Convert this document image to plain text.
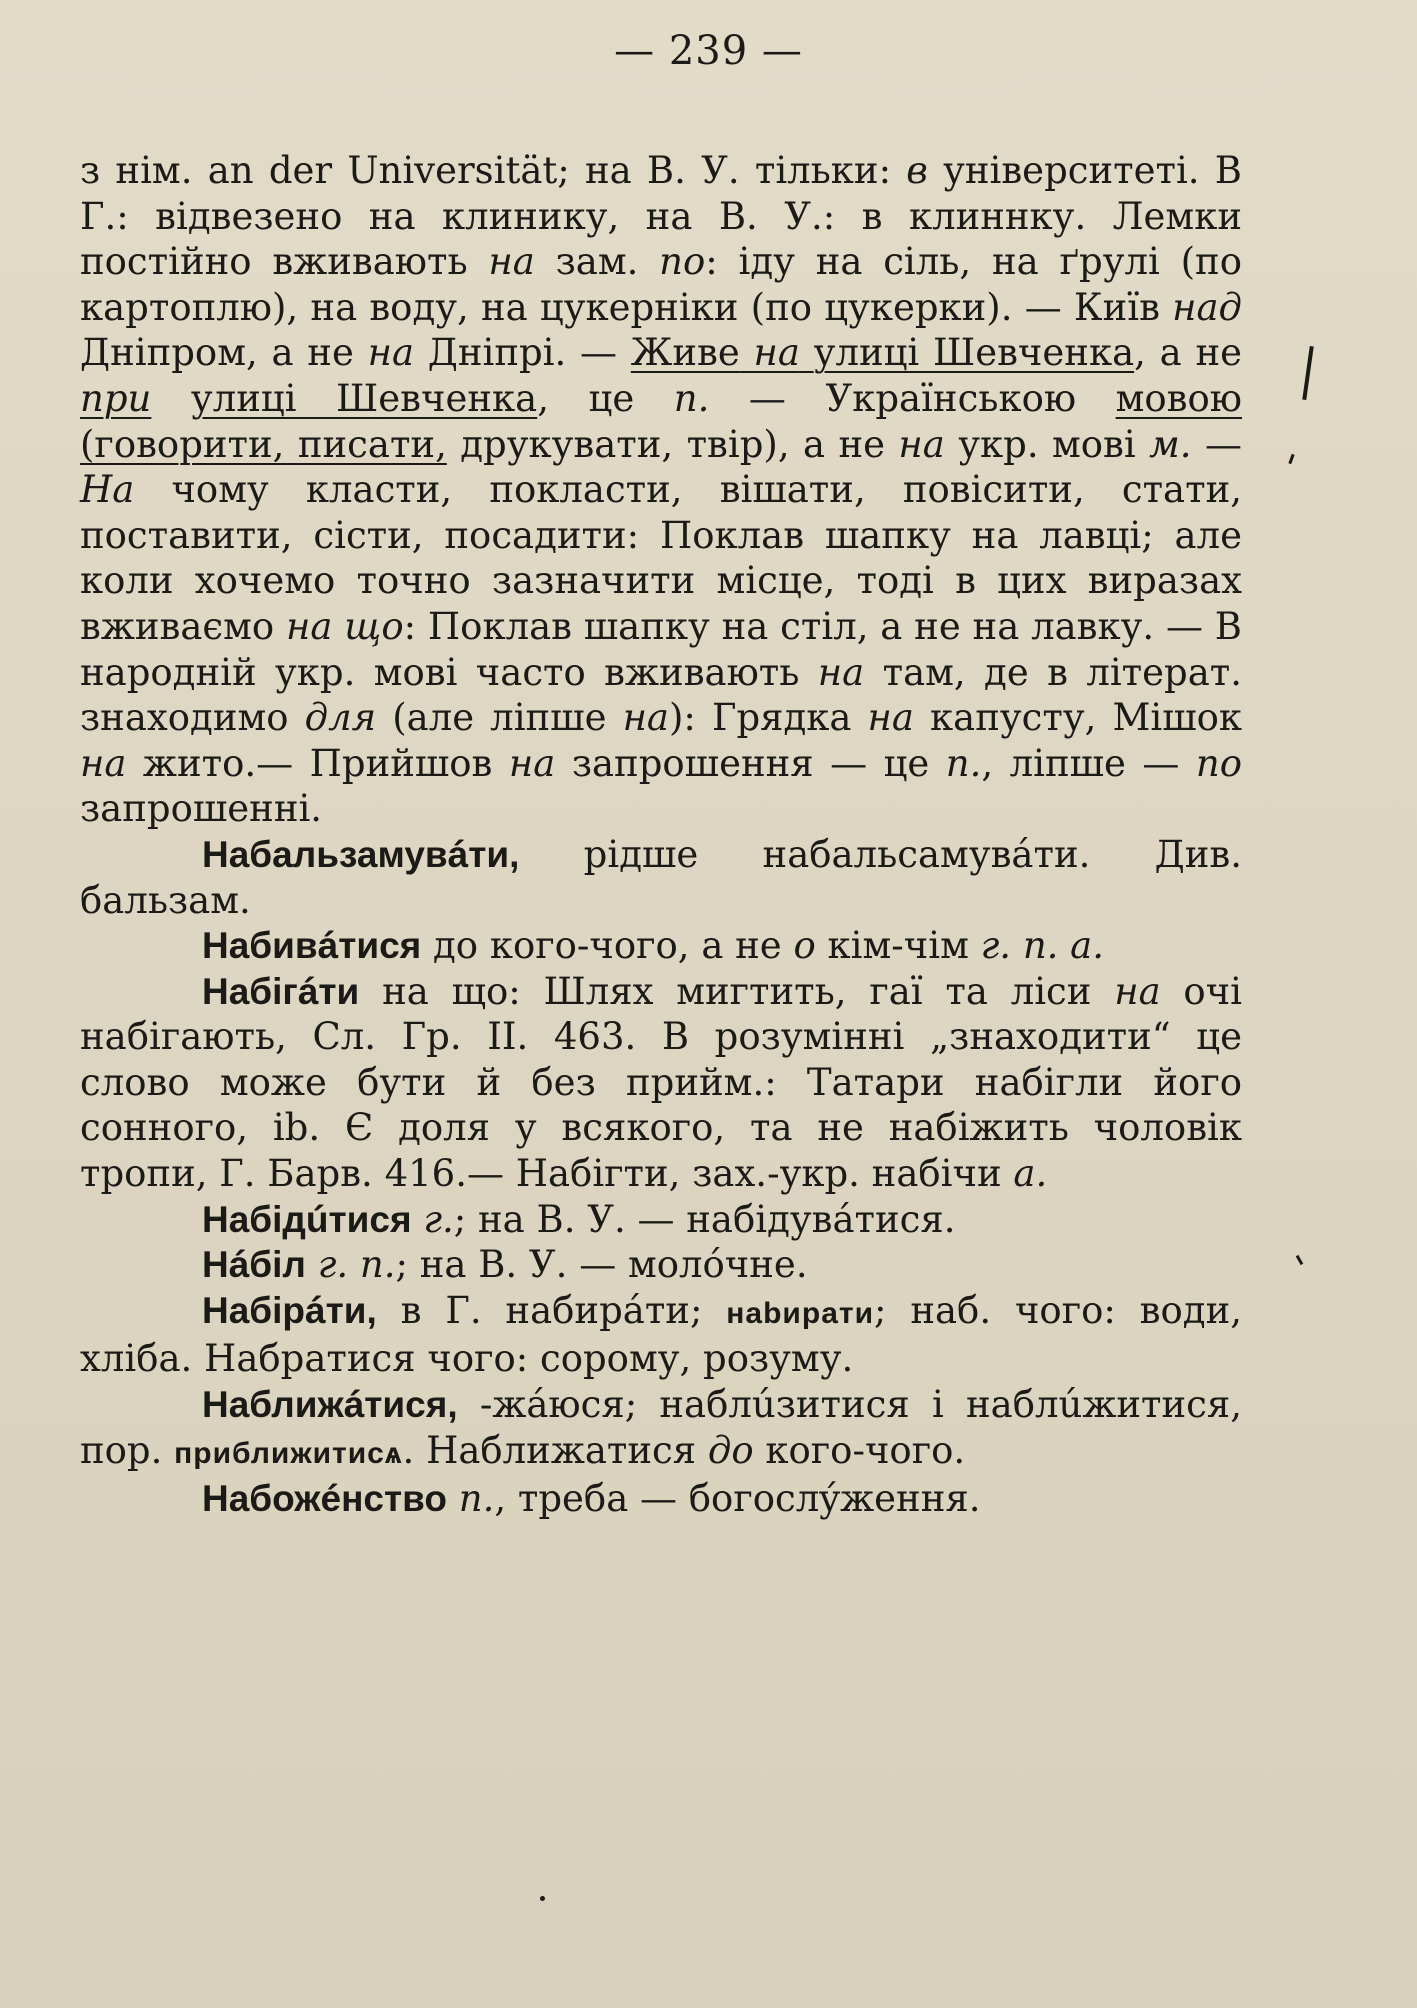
— 239 —

з нім. an der Universität; на В. У. тільки: в університеті. В Г.: відвезено на клинику, на В. У.: в клиннку. Лемки постійно вживають на зам. по: іду на сіль, на ґрулі (по картоплю), на воду, на цукерніки (по цукерки). — Київ над Дніпром, а не на Дніпрі. — Живе на улиці Шевченка, а не при улиці Шевченка, це п. — Українською мовою (говорити, писати, друкувати, твір), а не на укр. мові м. — На чому класти, покласти, вішати, повісити, стати, поставити, сісти, посадити: Поклав шапку на лавці; але коли хочемо точно зазначити місце, тоді в цих виразах вживаємо на що: Поклав шапку на стіл, а не на лавку. — В народній укр. мові часто вживають на там, де в літерат. знаходимо для (але ліпше на): Грядка на капусту, Мішок на жито.— Прийшов на запрошення — це п., ліпше — по запрошенні.

Набальзамувáти, рідше набальсамувáти. Див. бальзам.

Набивáтися до кого-чого, а не о кім-чім г. п. а.

Набігáти на що: Шлях мигтить, гаї та ліси на очі набігають, Сл. Гр. II. 463. В розумінні „знаходити“ це слово може бути й без прийм.: Татари набігли його сонного, ib. Є доля у всякого, та не набіжить чоловік тропи, Г. Барв. 416.— Набігти, зах.-укр. набічи а.

Набідúтися г.; на В. У. — набідувáтися.

Нáбіл г. п.; на В. У. — молóчне.

Набірáти, в Г. набирáти; нabирати; наб. чого: води, хліба. Набратися чого: сорому, розуму.

Наближáтися, -жáюся; наблúзитися і наблúжитися, пор. приближитисѧ. Наближатися до кого-чого.

Набожéнство п., треба — богослýження.
